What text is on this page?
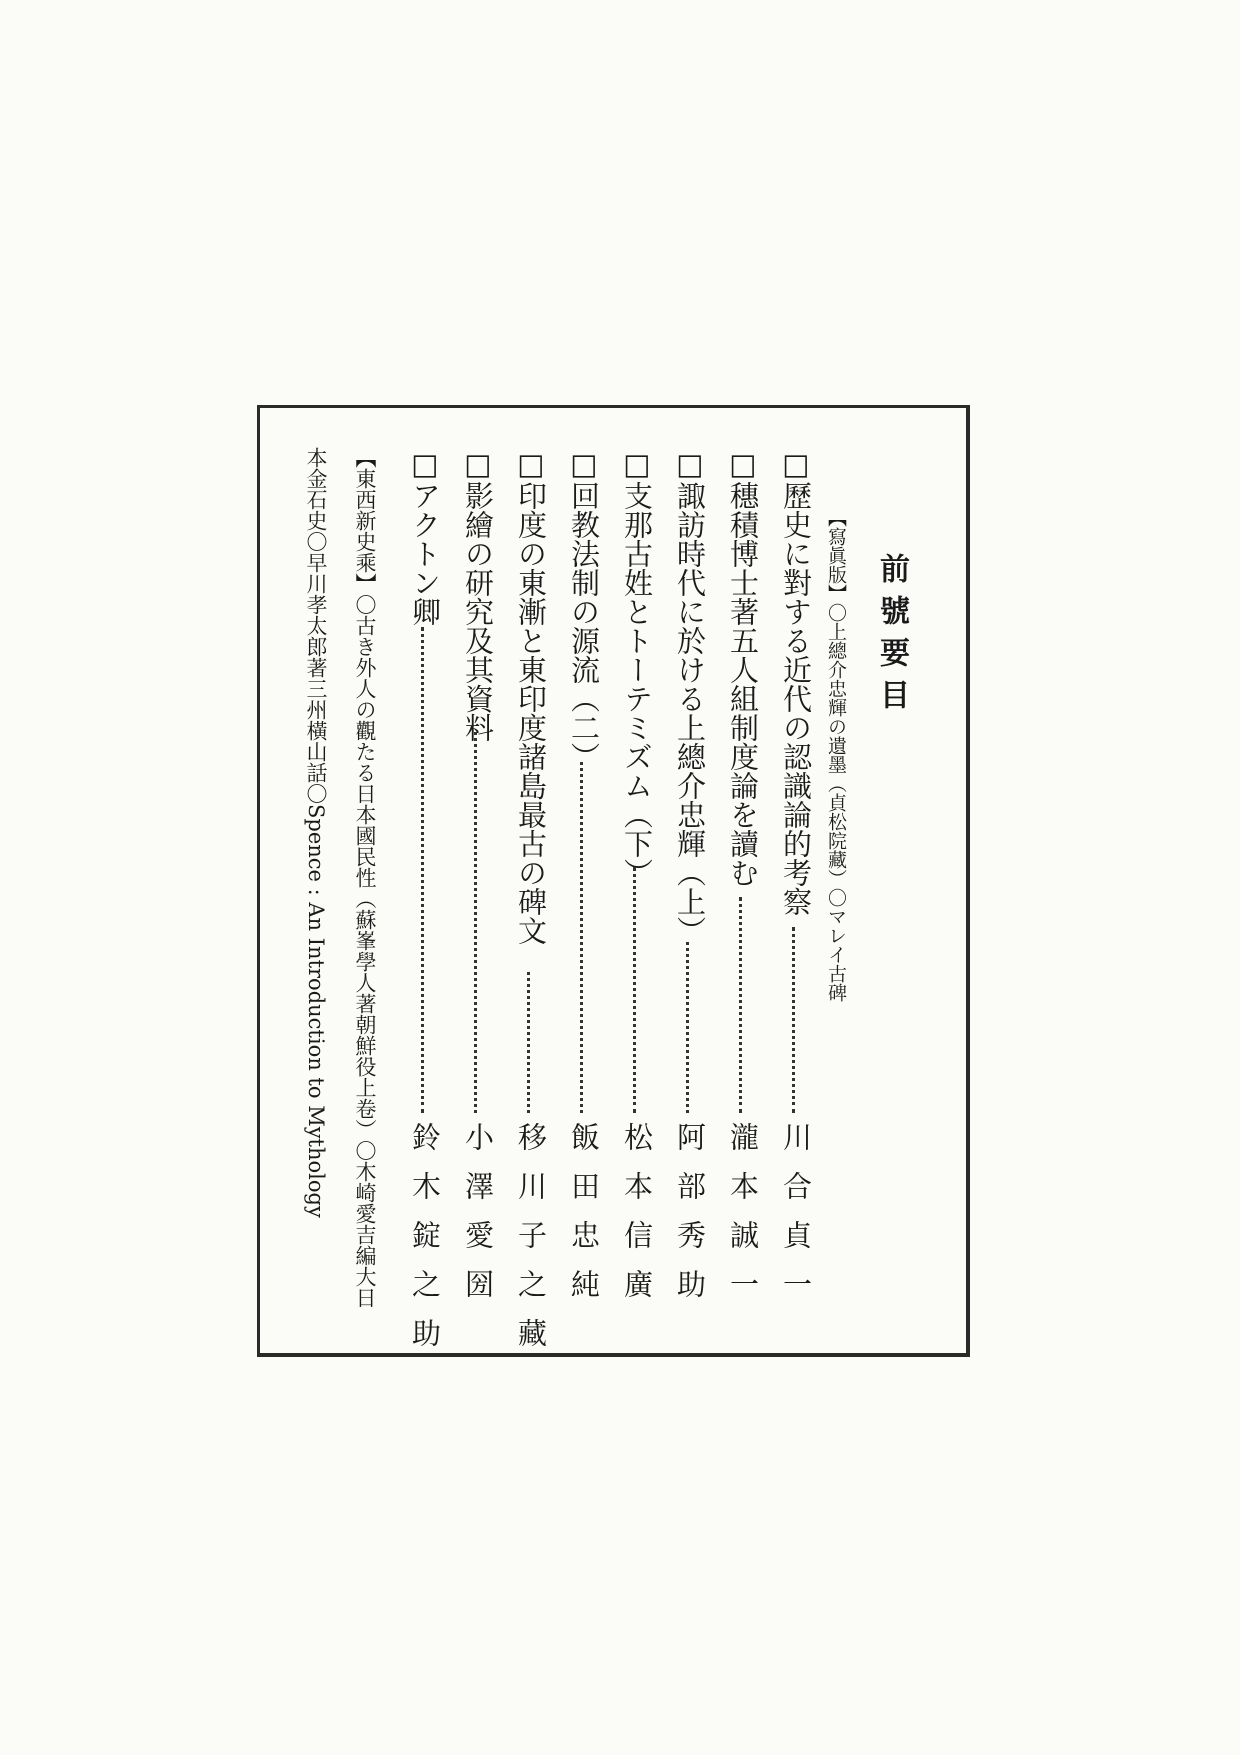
前號要目
【寫眞版】〇上總介忠輝の遺墨（貞松院藏）〇マレイ古碑
□歷史に對する近代の認識論的考察
川合貞一
□穗積博士著五人組制度論を讀む
瀧本誠一
□諏訪時代に於ける上總介忠輝（上）
阿部秀助
□支那古姓とトーテミズム（下）
松本信廣
□回教法制の源流（二）
飯田忠純
□印度の東漸と東印度諸島最古の碑文
移川子之藏
□影繪の研究及其資料
小澤愛圀
□アクトン卿
鈴木錠之助
【東西新史乘】〇古き外人の觀たる日本國民性（蘇峯學人著朝鮮役上卷）〇木崎愛吉編大日
本金石史〇早川孝太郎著三州橫山話〇Spence : An Introduction to Mythology
